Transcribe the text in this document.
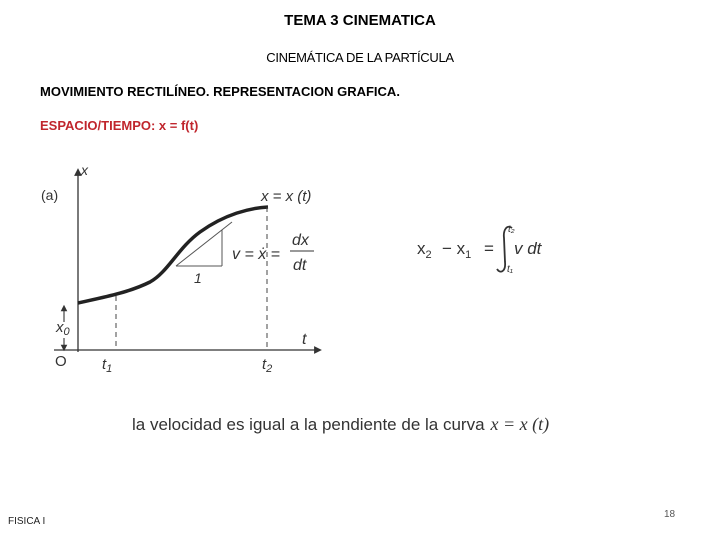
TEMA 3 CINEMATICA
CINEMÁTICA DE LA PARTÍCULA
MOVIMIENTO RECTILÍNEO. REPRESENTACION GRAFICA.
ESPACIO/TIEMPO: x = f(t)
x
t
(a)
O
$x_0$
1
$t_1$	$t_2$
x = x (t)
v = ẋ =
dx
dt
$x_2 - x_1$ =
t₂
t₁
v dt
la velocidad es igual a la pendiente de la curva x = x (t)
FISICA I
18
